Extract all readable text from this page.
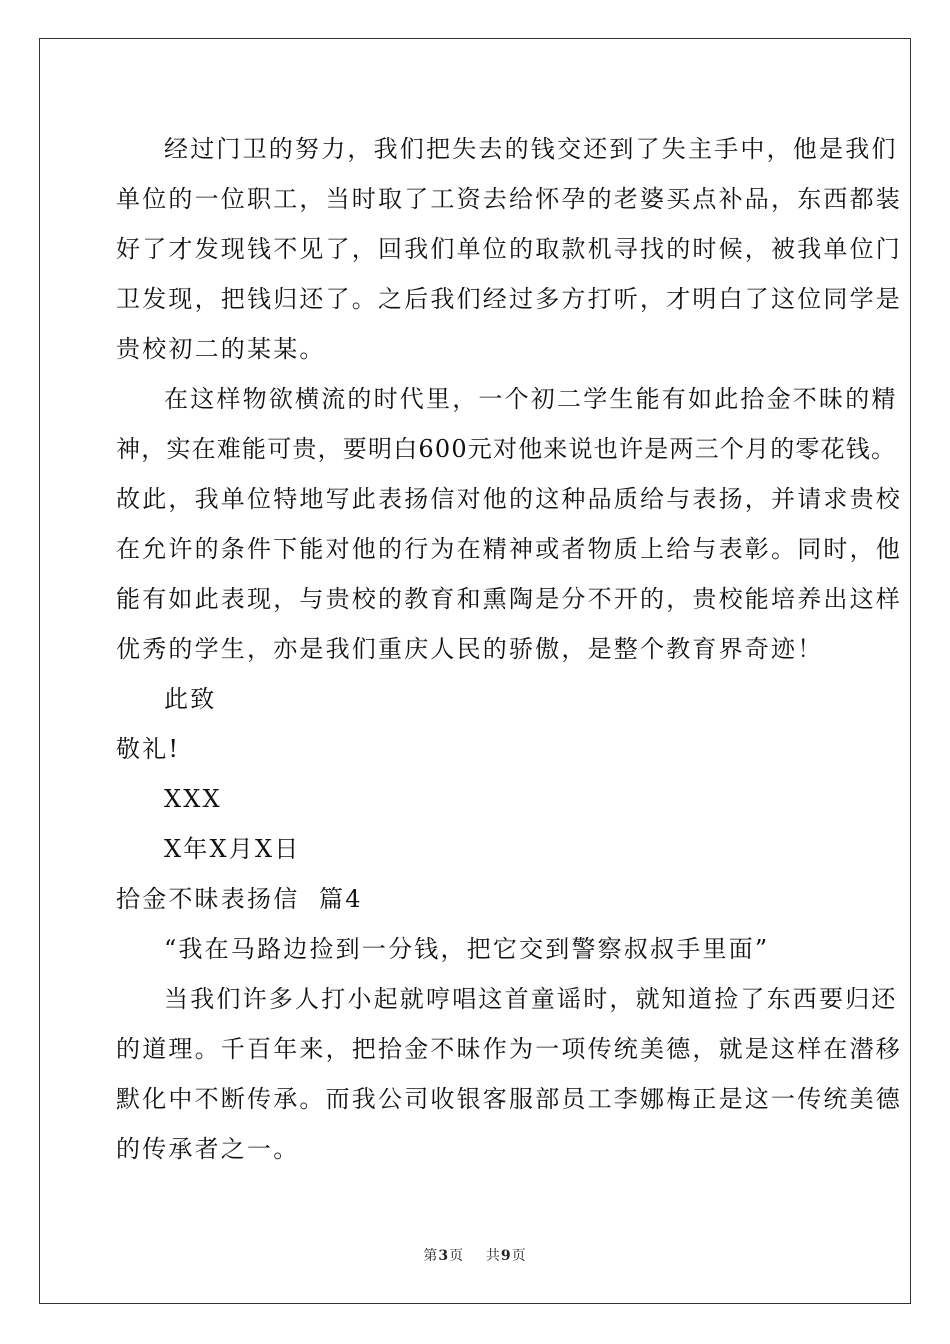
经过门卫的努力，我们把失去的钱交还到了失主手中，他是我们
单位的一位职工，当时取了工资去给怀孕的老婆买点补品，东西都装
好了才发现钱不见了，回我们单位的取款机寻找的时候，被我单位门
卫发现，把钱归还了。之后我们经过多方打听，才明白了这位同学是
贵校初二的某某。
在这样物欲横流的时代里，一个初二学生能有如此拾金不昧的精
神，实在难能可贵，要明白600元对他来说也许是两三个月的零花钱。
故此，我单位特地写此表扬信对他的这种品质给与表扬，并请求贵校
在允许的条件下能对他的行为在精神或者物质上给与表彰。同时，他
能有如此表现，与贵校的教育和熏陶是分不开的，贵校能培养出这样
优秀的学生，亦是我们重庆人民的骄傲，是整个教育界奇迹！
此致
敬礼!
XXX
X年X月X日
拾金不昧表扬信  篇4
“我在马路边捡到一分钱，把它交到警察叔叔手里面”
当我们许多人打小起就哼唱这首童谣时，就知道捡了东西要归还
的道理。千百年来，把拾金不昧作为一项传统美德，就是这样在潜移
默化中不断传承。而我公司收银客服部员工李娜梅正是这一传统美德
的传承者之一。
第3页    共9页
